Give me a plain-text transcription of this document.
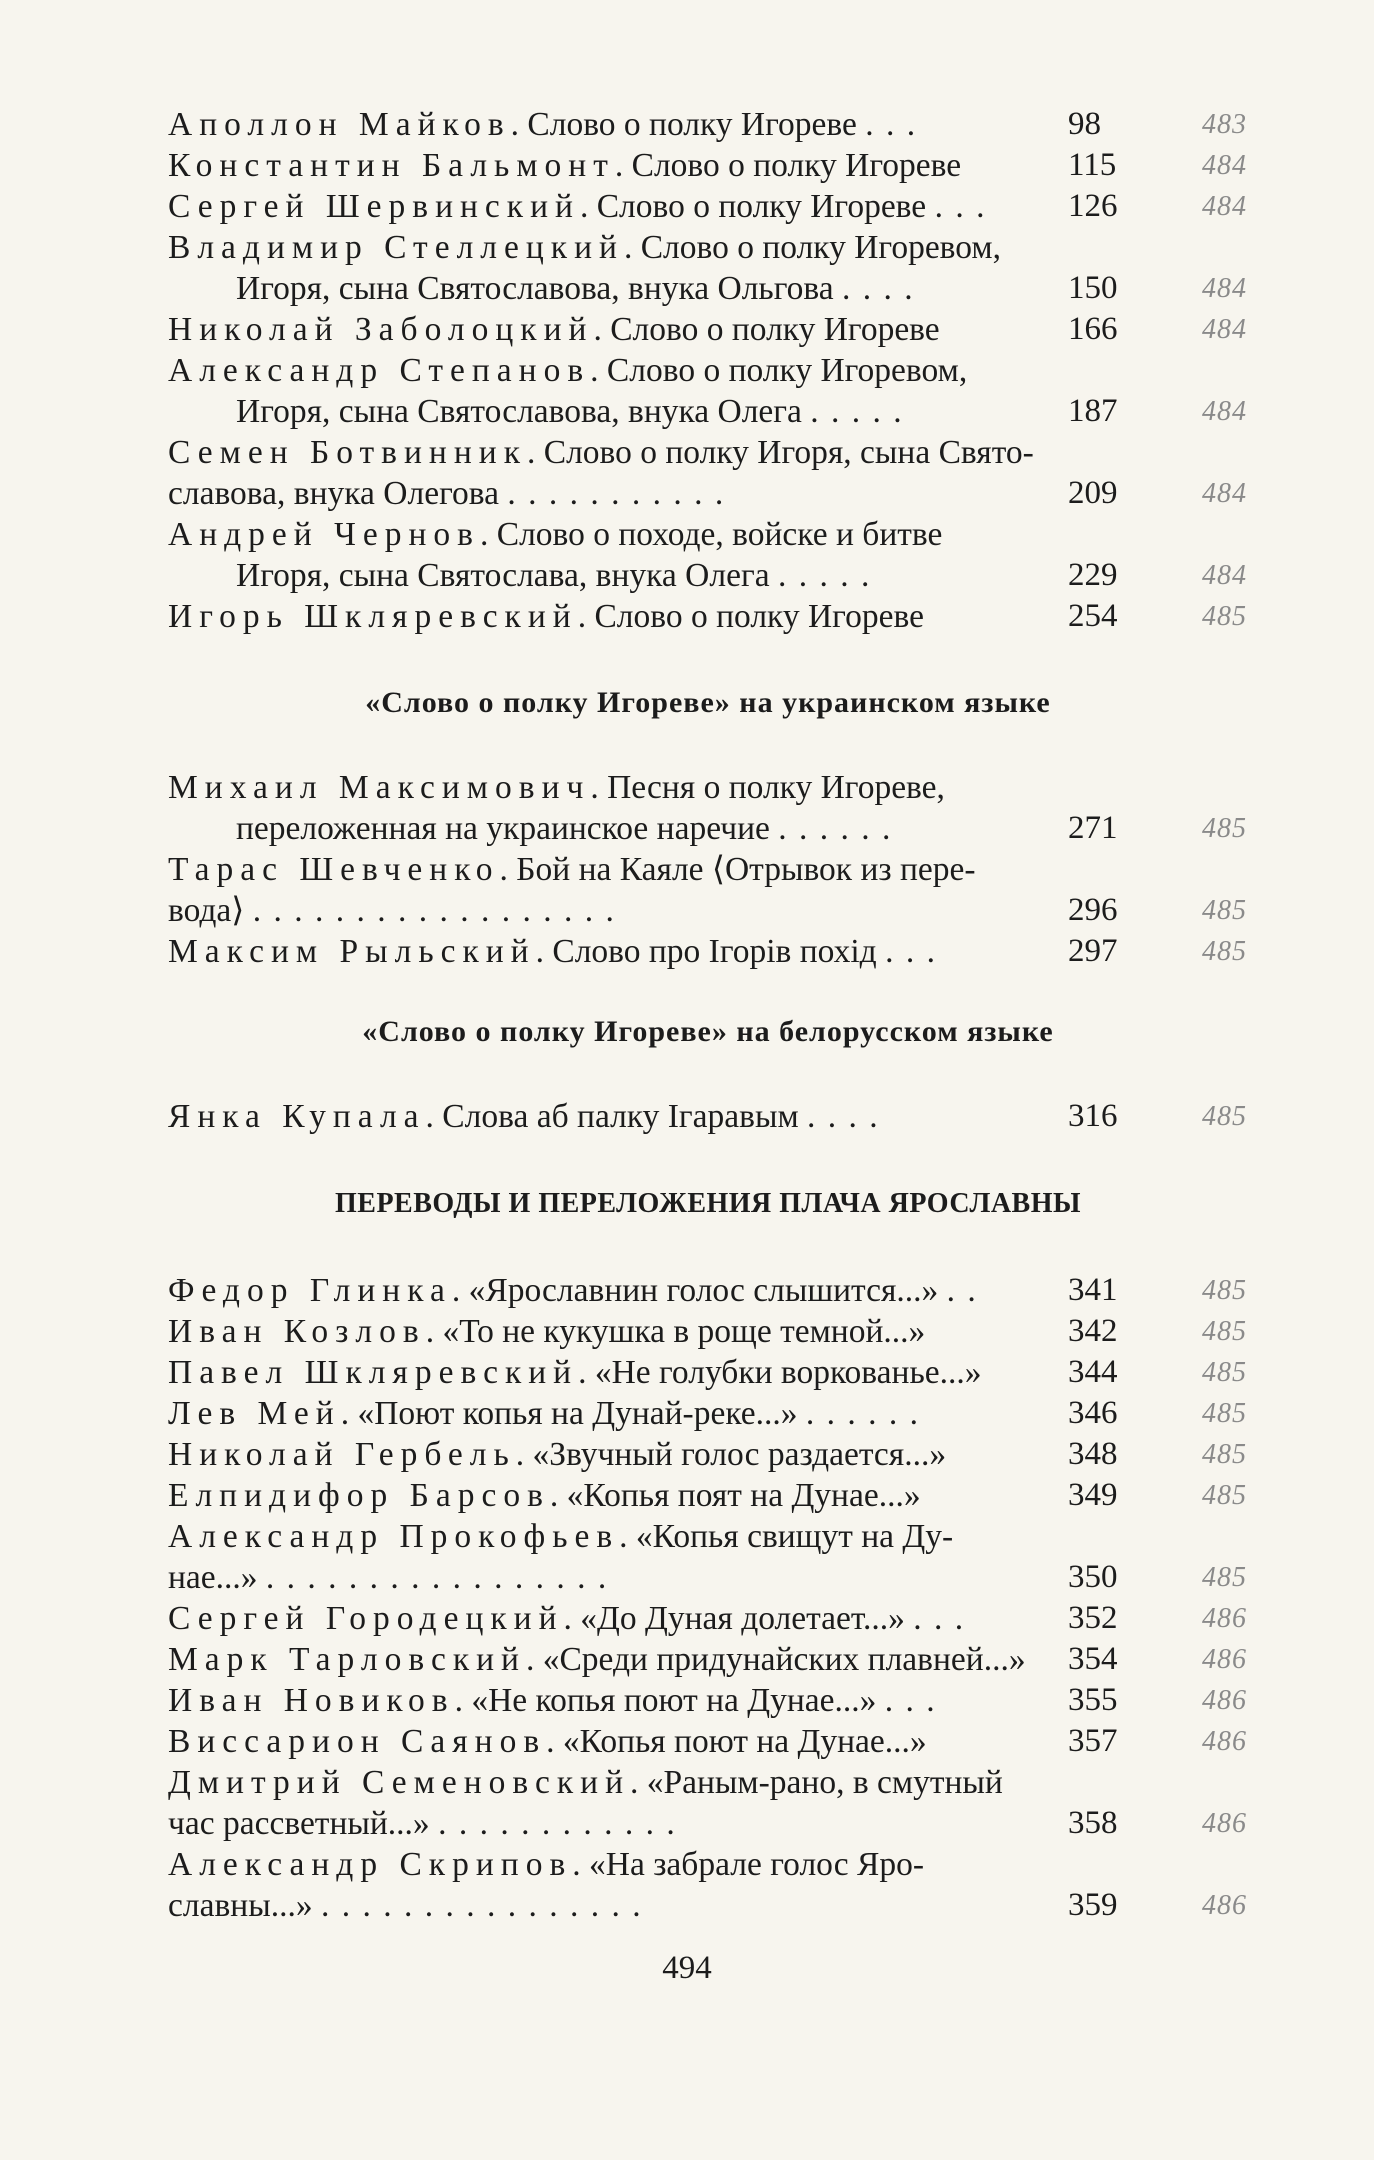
Аполлон Майков. Слово о полку Игореве . . .	98	483
Константин Бальмонт. Слово о полку Игореве	115	484
Сергей Шервинский. Слово о полку Игореве . . .	126	484
Владимир Стеллецкий. Слово о полку Игоревом,
Игоря, сына Святославова, внука Ольгова . . . .	150	484
Николай Заболоцкий. Слово о полку Игореве	166	484
Александр Степанов. Слово о полку Игоревом,
Игоря, сына Святославова, внука Олега . . . . .	187	484
Семен Ботвинник. Слово о полку Игоря, сына Свято-
славова, внука Олегова . . . . . . . . . . .	209	484
Андрей Чернов. Слово о походе, войске и битве
Игоря, сына Святослава, внука Олега . . . . .	229	484
Игорь Шкляревский. Слово о полку Игореве	254	485
«Слово о полку Игореве» на украинском языке
Михаил Максимович. Песня о полку Игореве,
переложенная на украинское наречие . . . . . .	271	485
Тарас Шевченко. Бой на Каяле ⟨Отрывок из пере-
вода⟩ . . . . . . . . . . . . . . . . . .	296	485
Максим Рыльский. Слово про Ігорів похід . . .	297	485
«Слово о полку Игореве» на белорусском языке
Янка Купала. Слова аб палку Ігаравым . . . .	316	485
ПЕРЕВОДЫ И ПЕРЕЛОЖЕНИЯ ПЛАЧА ЯРОСЛАВНЫ
Федор Глинка. «Ярославнин голос слышится...» . .	341	485
Иван Козлов. «То не кукушка в роще темной...»	342	485
Павел Шкляревский. «Не голубки воркованье...»	344	485
Лев Мей. «Поют копья на Дунай-реке...» . . . . . .	346	485
Николай Гербель. «Звучный голос раздается...»	348	485
Елпидифор Барсов. «Копья поят на Дунае...»	349	485
Александр Прокофьев. «Копья свищут на Ду-
нае...» . . . . . . . . . . . . . . . . .	350	485
Сергей Городецкий. «До Дуная долетает...» . . .	352	486
Марк Тарловский. «Среди придунайских плавней...»	354	486
Иван Новиков. «Не копья поют на Дунае...» . . .	355	486
Виссарион Саянов. «Копья поют на Дунае...»	357	486
Дмитрий Семеновский. «Раным-рано, в смутный
час рассветный...» . . . . . . . . . . . .	358	486
Александр Скрипов. «На забрале голос Яро-
славны...» . . . . . . . . . . . . . . . .	359	486
494
